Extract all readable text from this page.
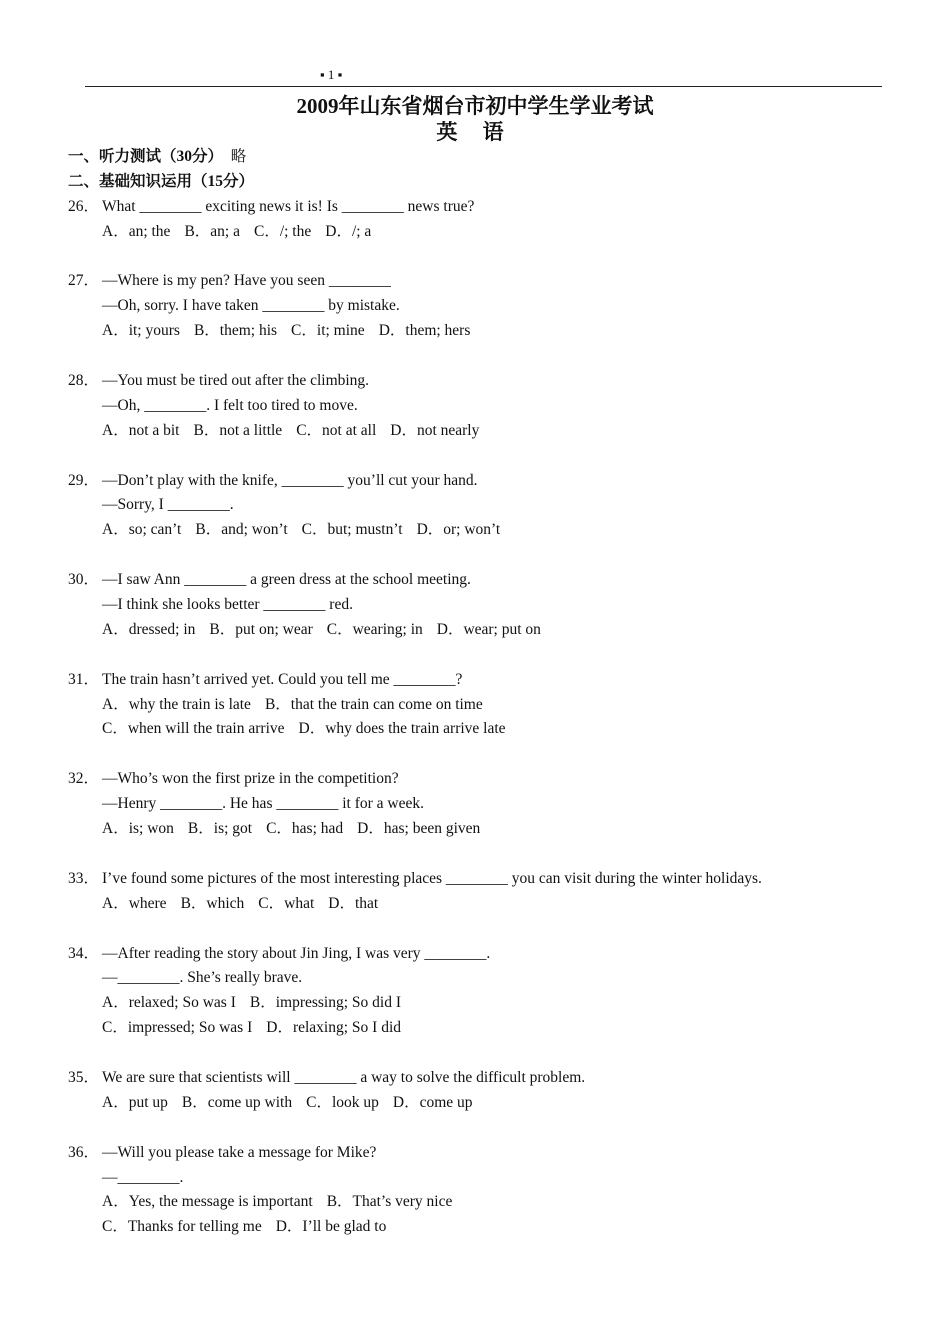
▪ 1 ▪
2009年山东省烟台市初中学生学业考试
英 语
一、听力测试（30分） 略
二、基础知识运用（15分）
26． What ________ exciting news it is! Is ________ news true?
A．an; the B．an; a C．/; the D．/; a
27． —Where is my pen? Have you seen ________
—Oh, sorry. I have taken ________ by mistake.
A．it; yours B．them; his C．it; mine D．them; hers
28． —You must be tired out after the climbing.
—Oh, ________. I felt too tired to move.
A．not a bit B．not a little C．not at all D．not nearly
29． —Don’t play with the knife, ________ you’ll cut your hand.
—Sorry, I ________.
A．so; can’t B．and; won’t C．but; mustn’t D．or; won’t
30． —I saw Ann ________ a green dress at the school meeting.
—I think she looks better ________ red.
A．dressed; in B．put on; wear C．wearing; in D．wear; put on
31． The train hasn’t arrived yet. Could you tell me ________?
A．why the train is late B．that the train can come on time
C．when will the train arrive D．why does the train arrive late
32． —Who’s won the first prize in the competition?
—Henry ________. He has ________ it for a week.
A．is; won B．is; got C．has; had D．has; been given
33． I’ve found some pictures of the most interesting places ________ you can visit during the winter holidays.
A．where B．which C．what D．that
34． —After reading the story about Jin Jing, I was very ________.
—________. She’s really brave.
A．relaxed; So was I B．impressing; So did I
C．impressed; So was I D．relaxing; So I did
35． We are sure that scientists will ________ a way to solve the difficult problem.
A．put up B．come up with C．look up D．come up
36． —Will you please take a message for Mike?
—________.
A．Yes, the message is important B．That’s very nice
C．Thanks for telling me D．I’ll be glad to
